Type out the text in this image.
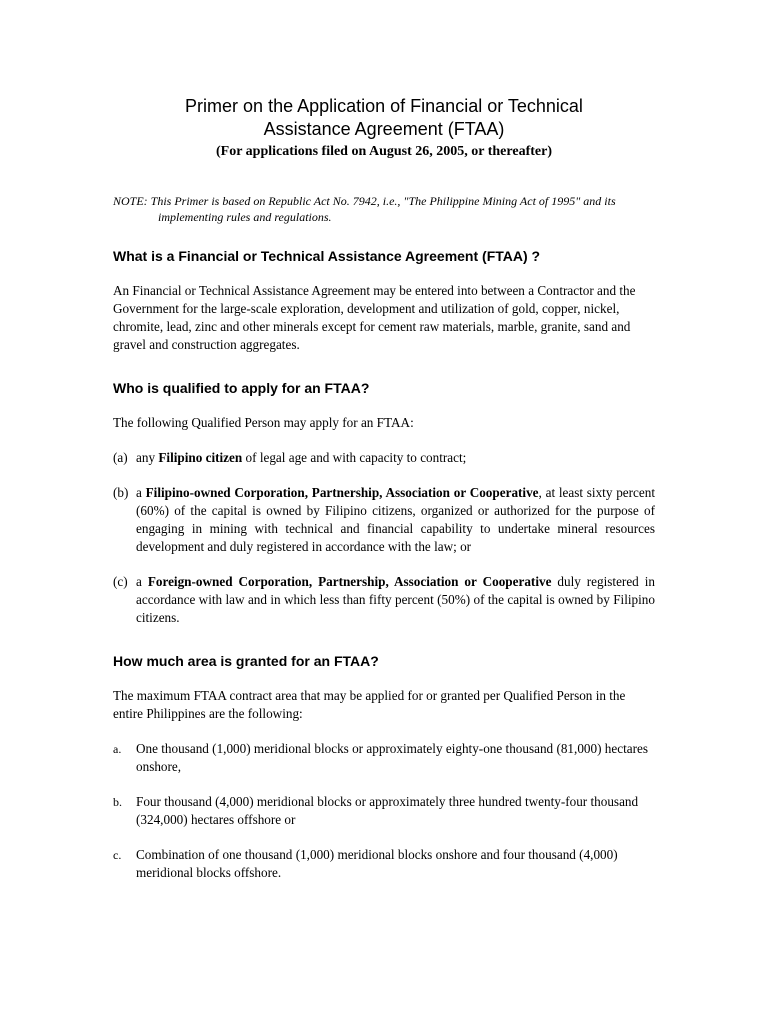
Primer on the Application of Financial or Technical
Assistance Agreement (FTAA)
(For applications filed on August 26, 2005, or thereafter)
NOTE: This Primer is based on Republic Act No. 7942, i.e., "The Philippine Mining Act of 1995" and its implementing rules and regulations.
What is a Financial or Technical Assistance Agreement (FTAA) ?

An Financial or Technical Assistance Agreement may be entered into between a Contractor and the Government for the large-scale exploration, development and utilization of gold, copper, nickel, chromite, lead, zinc and other minerals except for cement raw materials, marble, granite, sand and gravel and construction aggregates.

Who is qualified to apply for an FTAA?

The following Qualified Person may apply for an FTAA:

(a) any Filipino citizen of legal age and with capacity to contract;
(b) a Filipino-owned Corporation, Partnership, Association or Cooperative, at least sixty percent (60%) of the capital is owned by Filipino citizens, organized or authorized for the purpose of engaging in mining with technical and financial capability to undertake mineral resources development and duly registered in accordance with the law; or
(c) a Foreign-owned Corporation, Partnership, Association or Cooperative duly registered in accordance with law and in which less than fifty percent (50%) of the capital is owned by Filipino citizens.
How much area is granted for an FTAA?

The maximum FTAA contract area that may be applied for or granted per Qualified Person in the entire Philippines are the following:

a.	One thousand (1,000) meridional blocks or approximately eighty-one thousand (81,000) hectares onshore,
b.	Four thousand (4,000) meridional blocks or approximately three hundred twenty-four thousand (324,000) hectares offshore or
c.	Combination of one thousand (1,000) meridional blocks onshore and four thousand (4,000) meridional blocks offshore.
